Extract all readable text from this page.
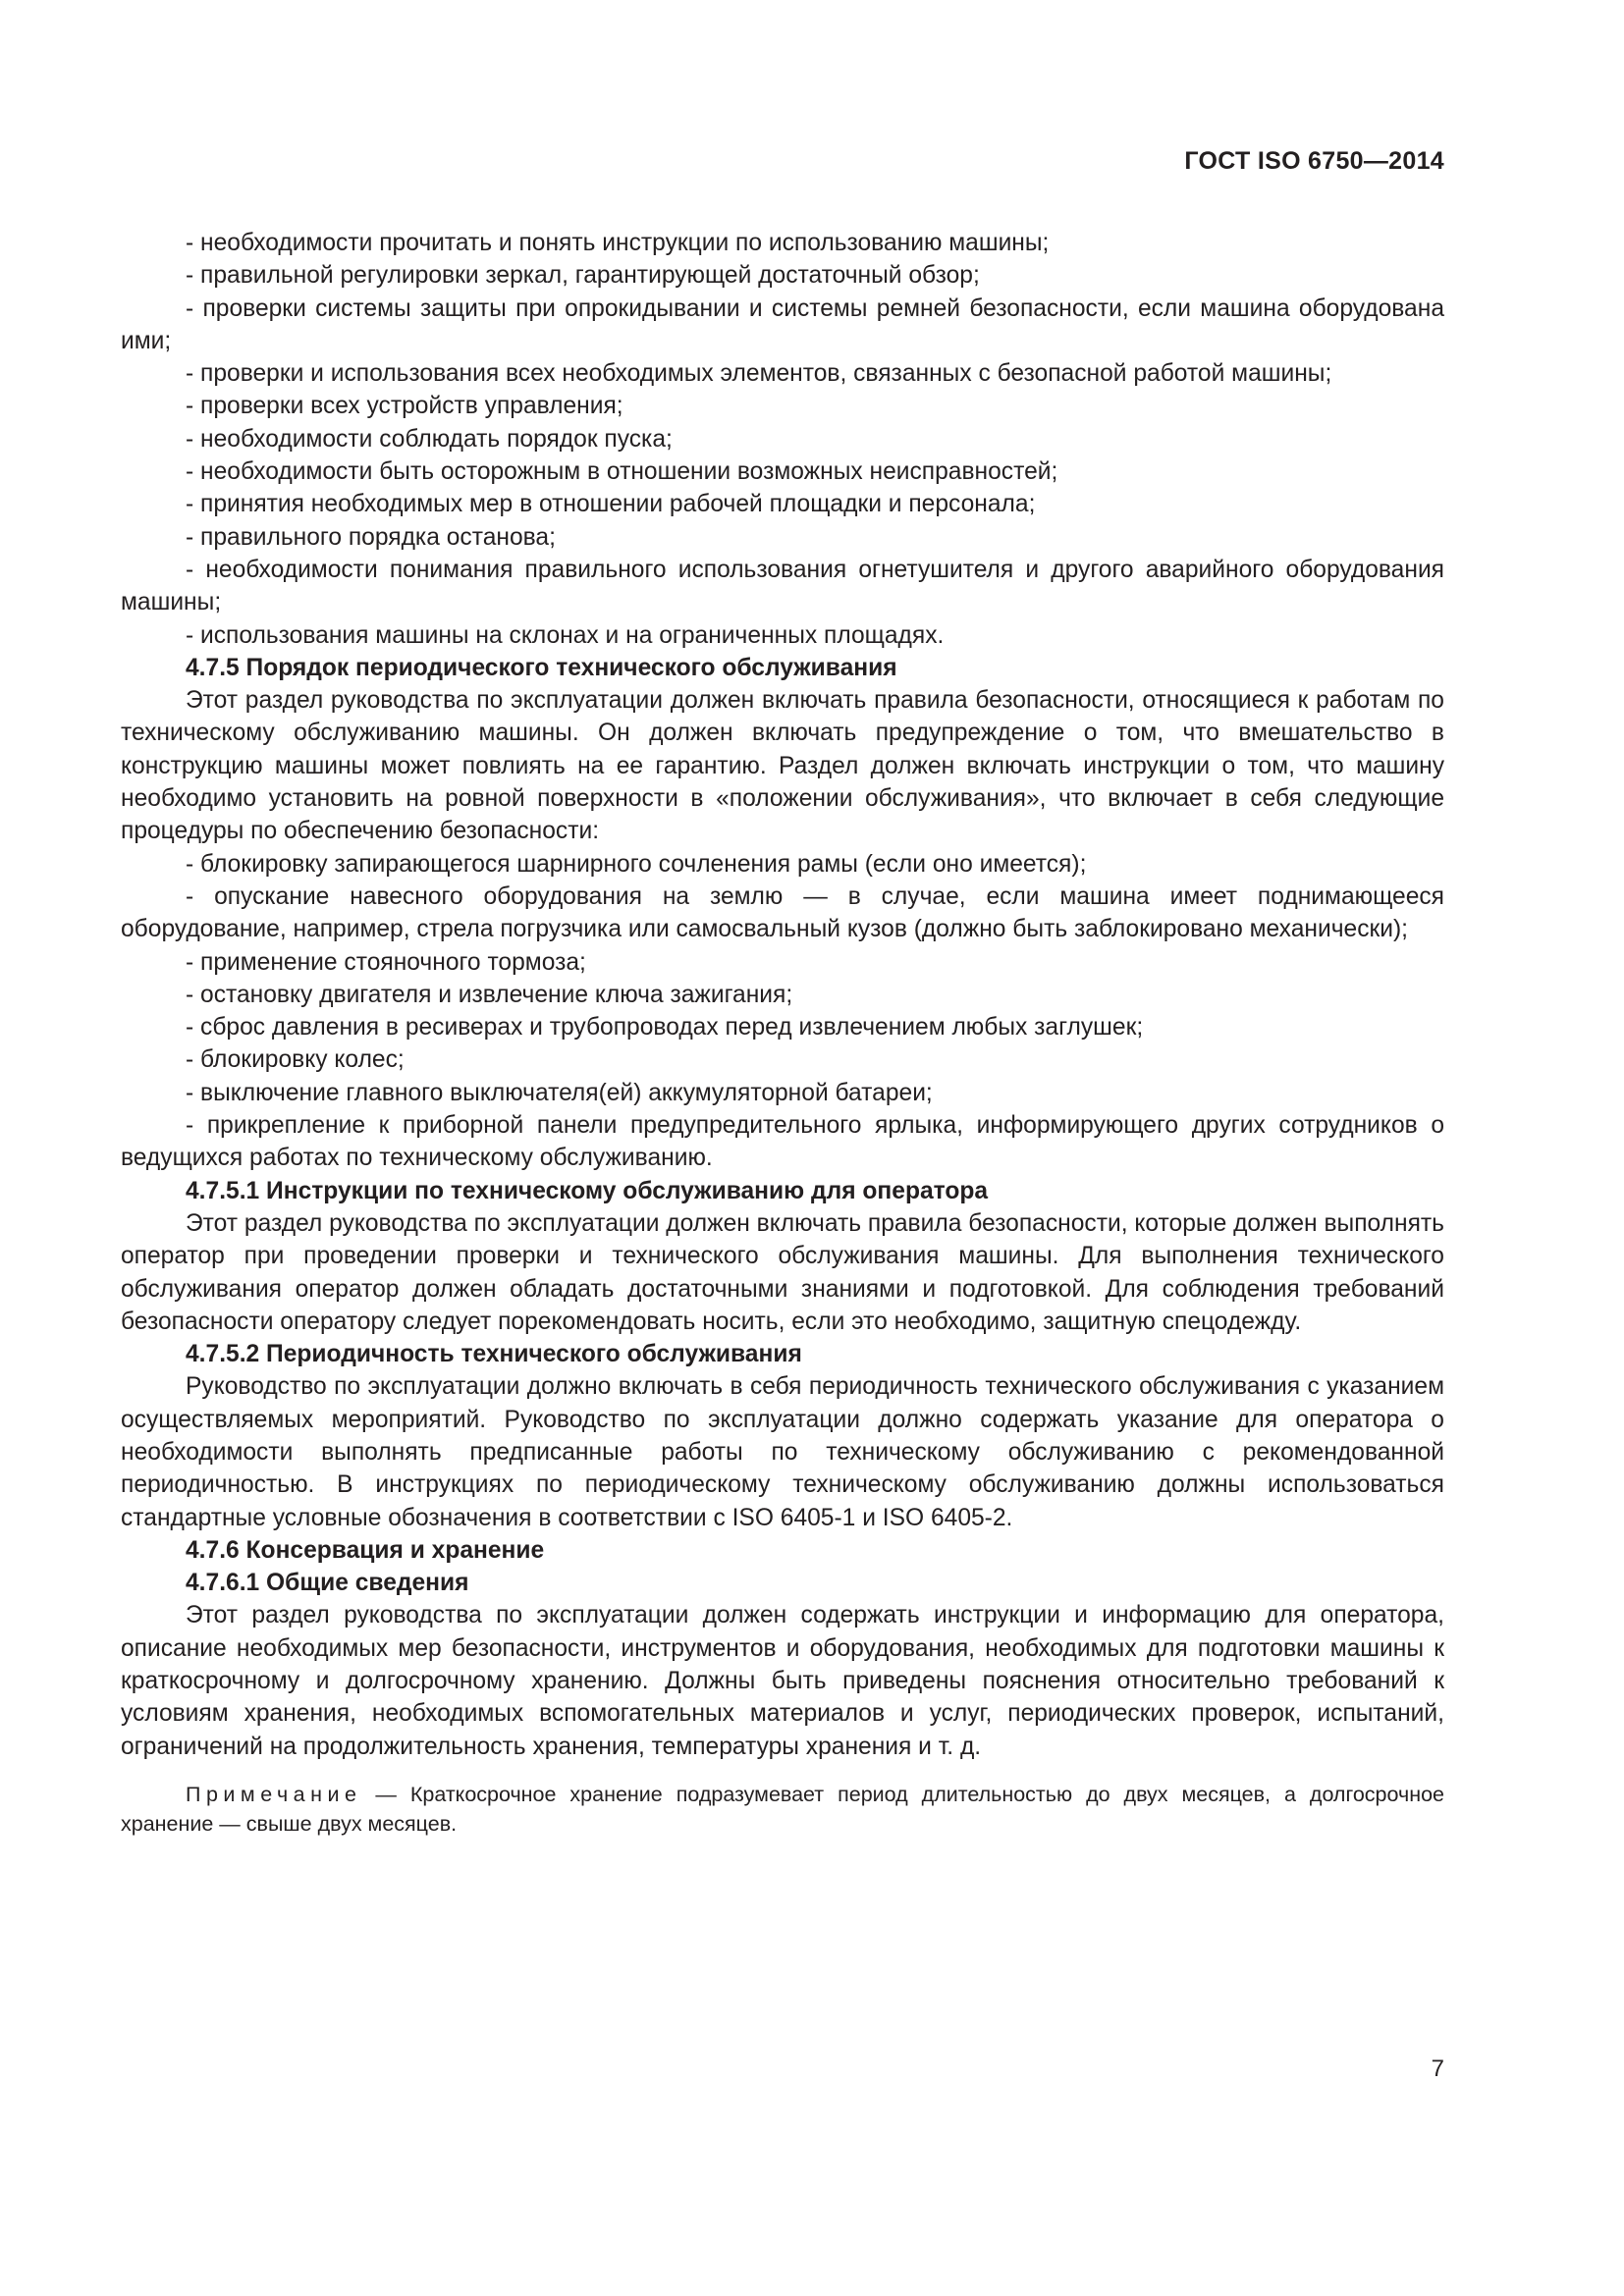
ГОСТ ISO 6750—2014

- необходимости прочитать и понять инструкции по использованию машины;

- правильной регулировки зеркал, гарантирующей достаточный обзор;

- проверки системы защиты при опрокидывании и системы ремней безопасности, если машина оборудована ими;

- проверки и использования всех необходимых элементов, связанных с безопасной работой машины;

- проверки всех устройств управления;

- необходимости соблюдать порядок пуска;

- необходимости быть осторожным в отношении возможных неисправностей;

- принятия необходимых мер в отношении рабочей площадки и персонала;

- правильного порядка останова;

- необходимости понимания правильного использования огнетушителя и другого аварийного оборудования машины;

- использования машины на склонах и на ограниченных площадях.

4.7.5 Порядок периодического технического обслуживания

Этот раздел руководства по эксплуатации должен включать правила безопасности, относящиеся к работам по техническому обслуживанию машины. Он должен включать предупреждение о том, что вмешательство в конструкцию машины может повлиять на ее гарантию. Раздел должен включать инструкции о том, что машину необходимо установить на ровной поверхности в «положении обслуживания», что включает в себя следующие процедуры по обеспечению безопасности:

- блокировку запирающегося шарнирного сочленения рамы (если оно имеется);

- опускание навесного оборудования на землю — в случае, если машина имеет поднимающееся оборудование, например, стрела погрузчика или самосвальный кузов (должно быть заблокировано механически);

- применение стояночного тормоза;

- остановку двигателя и извлечение ключа зажигания;

- сброс давления в ресиверах и трубопроводах перед извлечением любых заглушек;

- блокировку колес;

- выключение главного выключателя(ей) аккумуляторной батареи;

- прикрепление к приборной панели предупредительного ярлыка, информирующего других сотрудников о ведущихся работах по техническому обслуживанию.

4.7.5.1 Инструкции по техническому обслуживанию для оператора

Этот раздел руководства по эксплуатации должен включать правила безопасности, которые должен выполнять оператор при проведении проверки и технического обслуживания машины. Для выполнения технического обслуживания оператор должен обладать достаточными знаниями и подготовкой. Для соблюдения требований безопасности оператору следует порекомендовать носить, если это необходимо, защитную спецодежду.

4.7.5.2 Периодичность технического обслуживания

Руководство по эксплуатации должно включать в себя периодичность технического обслуживания с указанием осуществляемых мероприятий. Руководство по эксплуатации должно содержать указание для оператора о необходимости выполнять предписанные работы по техническому обслуживанию с рекомендованной периодичностью. В инструкциях по периодическому техническому обслуживанию должны использоваться стандартные условные обозначения в соответствии с ISO 6405-1 и ISO 6405-2.

4.7.6 Консервация и хранение

4.7.6.1 Общие сведения

Этот раздел руководства по эксплуатации должен содержать инструкции и информацию для оператора, описание необходимых мер безопасности, инструментов и оборудования, необходимых для подготовки машины к краткосрочному и долгосрочному хранению. Должны быть приведены пояснения относительно требований к условиям хранения, необходимых вспомогательных материалов и услуг, периодических проверок, испытаний, ограничений на продолжительность хранения, температуры хранения и т. д.

Примечание — Краткосрочное хранение подразумевает период длительностью до двух месяцев, а долгосрочное хранение — свыше двух месяцев.

7
